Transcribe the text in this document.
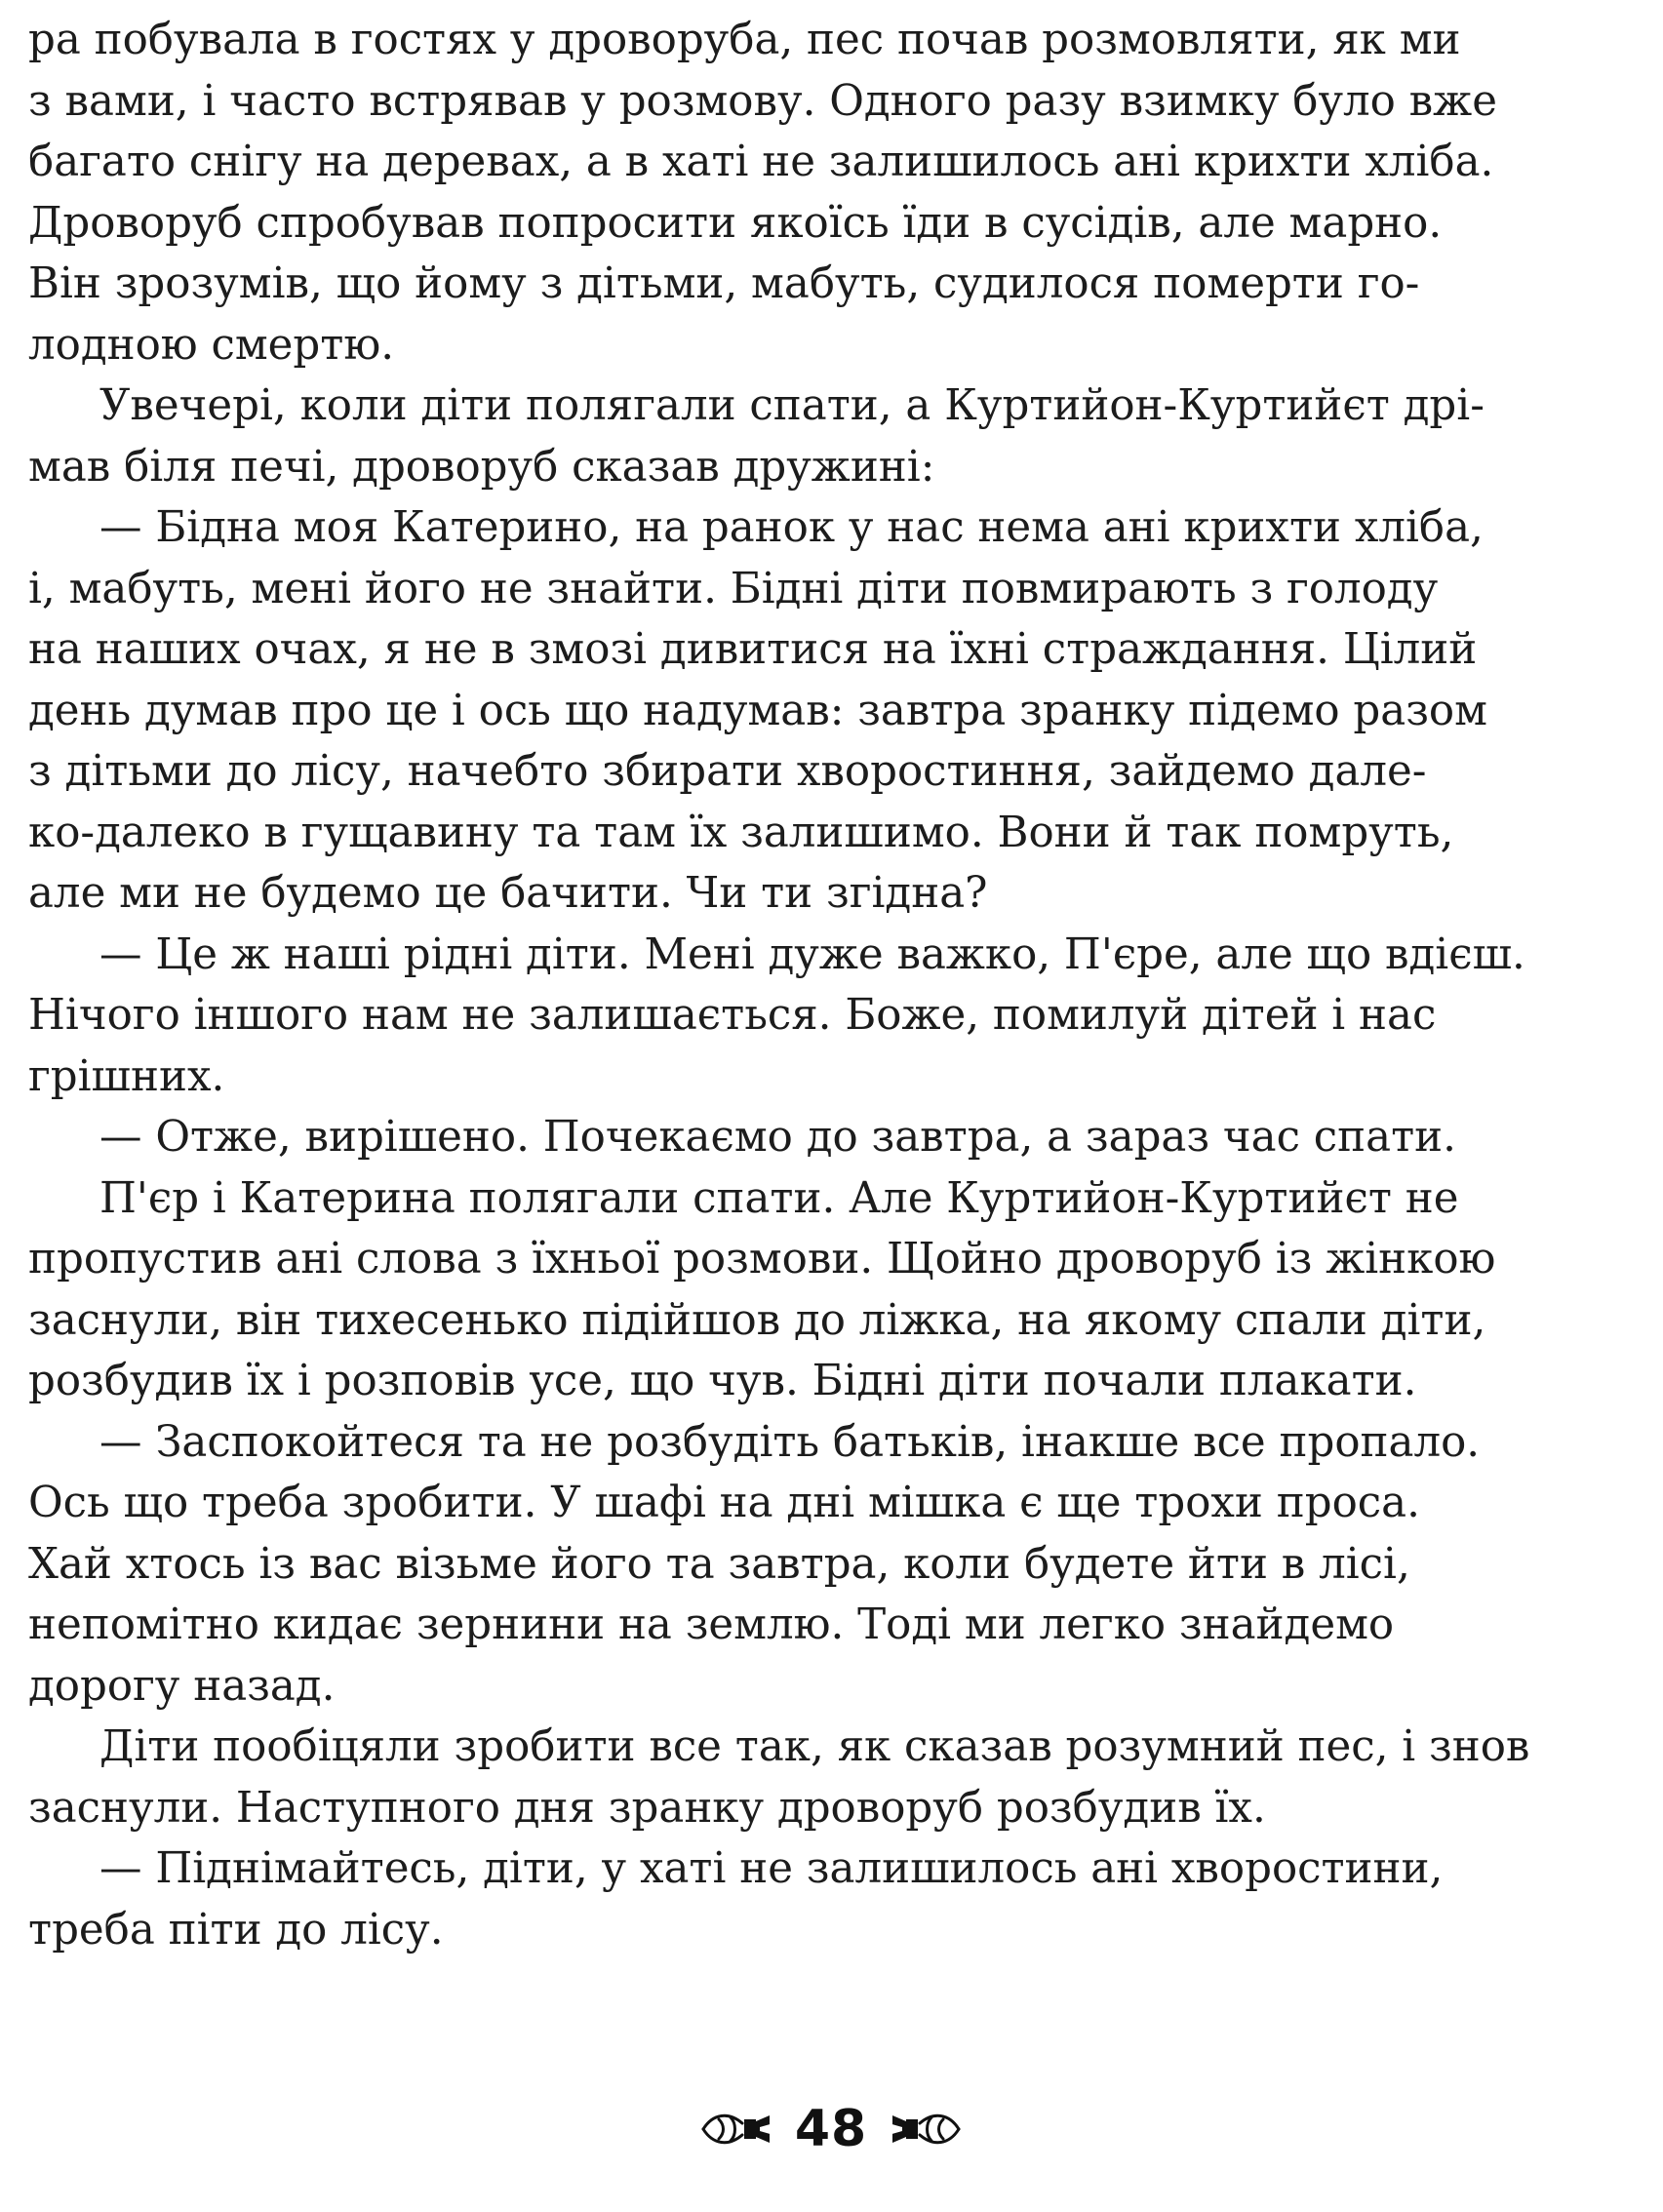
ра побувала в гостях у дроворуба, пес почав розмовляти, як ми
з вами, і часто встрявав у розмову. Одного разу взимку було вже
багато снігу на деревах, а в хаті не залишилось ані крихти хліба.
Дроворуб спробував попросити якоїсь їди в сусідів, але марно.
Він зрозумів, що йому з дітьми, мабуть, судилося померти го-
лодною смертю.
Увечері, коли діти полягали спати, а Куртийон-Куртийєт дрі-
мав біля печі, дроворуб сказав дружині:
— Бідна моя Катерино, на ранок у нас нема ані крихти хліба,
і, мабуть, мені його не знайти. Бідні діти повмирають з голоду
на наших очах, я не в змозі дивитися на їхні страждання. Цілий
день думав про це і ось що надумав: завтра зранку підемо разом
з дітьми до лісу, начебто збирати хворостиння, зайдемо дале-
ко-далеко в гущавину та там їх залишимо. Вони й так помруть,
але ми не будемо це бачити. Чи ти згідна?
— Це ж наші рідні діти. Мені дуже важко, П'єре, але що вдієш.
Нічого іншого нам не залишається. Боже, помилуй дітей і нас
грішних.
— Отже, вирішено. Почекаємо до завтра, а зараз час спати.
П'єр і Катерина полягали спати. Але Куртийон-Куртийєт не
пропустив ані слова з їхньої розмови. Щойно дроворуб із жінкою
заснули, він тихесенько підійшов до ліжка, на якому спали діти,
розбудив їх і розповів усе, що чув. Бідні діти почали плакати.
— Заспокойтеся та не розбудіть батьків, інакше все пропало.
Ось що треба зробити. У шафі на дні мішка є ще трохи проса.
Хай хтось із вас візьме його та завтра, коли будете йти в лісі,
непомітно кидає зернини на землю. Тоді ми легко знайдемо
дорогу назад.
Діти пообіцяли зробити все так, як сказав розумний пес, і знов
заснули. Наступного дня зранку дроворуб розбудив їх.
— Піднімайтесь, діти, у хаті не залишилось ані хворостини,
треба піти до лісу.
48
